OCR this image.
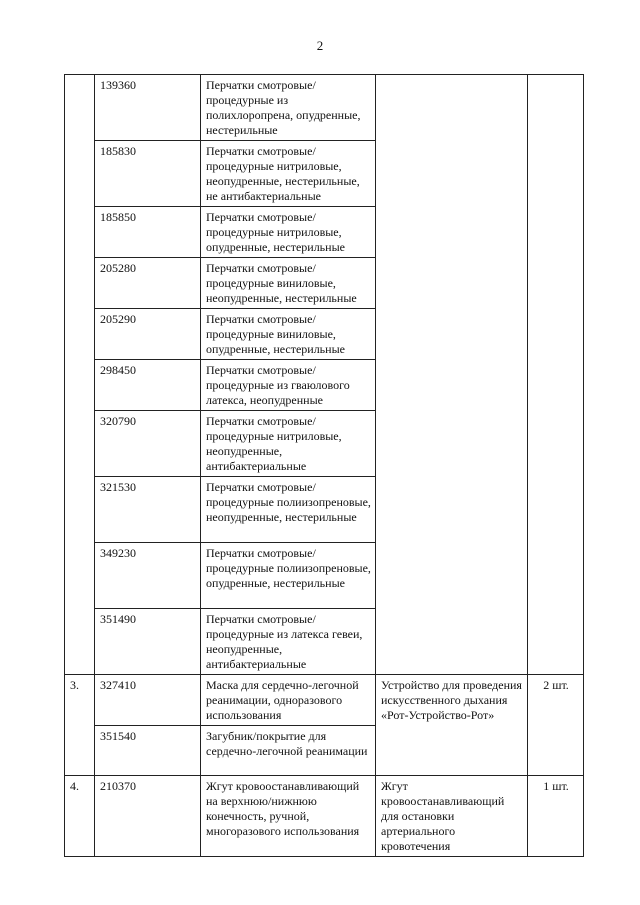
2
	139360	Перчатки смотровые/ процедурные из полихлоропрена, опудренные, нестерильные		
	185830	Перчатки смотровые/ процедурные нитриловые, неопудренные, нестерильные, не антибактериальные		
	185850	Перчатки смотровые/ процедурные нитриловые, опудренные, нестерильные		
	205280	Перчатки смотровые/ процедурные виниловые, неопудренные, нестерильные		
	205290	Перчатки смотровые/ процедурные виниловые, опудренные, нестерильные		
	298450	Перчатки смотровые/ процедурные из гваюлового латекса, неопудренные		
	320790	Перчатки смотровые/ процедурные нитриловые, неопудренные, антибактериальные		
	321530	Перчатки смотровые/ процедурные полиизопреновые, неопудренные, нестерильные		
	349230	Перчатки смотровые/ процедурные полиизопреновые, опудренные, нестерильные		
	351490	Перчатки смотровые/ процедурные из латекса гевеи, неопудренные, антибактериальные		
3.	327410	Маска для сердечно-легочной реанимации, одноразового использования	Устройство для проведения искусственного дыхания «Рот-Устройство-Рот»	2 шт.
	351540	Загубник/покрытие для сердечно-легочной реанимации		
4.	210370	Жгут кровоостанавливающий на верхнюю/нижнюю конечность, ручной, многоразового использования	Жгут кровоостанавливающий для остановки артериального кровотечения	1 шт.
